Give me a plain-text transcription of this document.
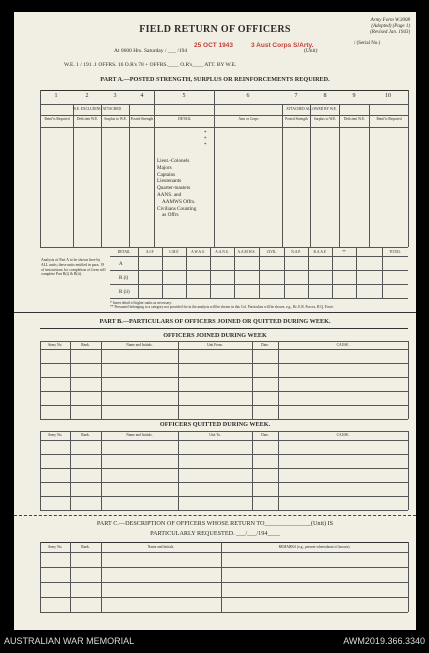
Army Form W.3008
(Adopted) (Page 1)
(Revised Jan. 1943)
FIELD RETURN OF OFFICERS
/ (Serial No.)
At 0600 Hrs. Saturday / ___ /194	(Unit)
25 OCT 1943	3 Aust Corps S/Arty.
W.E. 1 / 191 .1 OFFRS. 16 O.R's 78 + OFFRS.____ O.R's____ ATT. BY W.E.
PART A.—POSTED STRENGTH, SURPLUS OR REINFORCEMENTS REQUIRED.
1	2	3	4	5	6	7	8	9	10
W.E. EXCLUDING ATTACHED	ATTACHED ALLOWED BY W.E.
Reinf'ts Required	Deficient W.E.	Surplus to W.E.	Posted Strength	DETAIL	Arm or Corps	Posted Strength	Surplus to W.E.	Deficient W.E.	Reinf'ts Required
*
*
*
Lieut.-Colonels
Majors
Captains
Lieutenants
Quarter-masters
AANS. and
AAMWS Offrs.
Civilians Counting
as Offrs
Analysis of Part A to be shown here by ALL units; these units entitled in para. 19 of instructions for completion of form will complete Part B(i) & B(ii).
DETAIL	A.I.F.	C.M.F.	A.W.A.S.	A.A.N.S.	A.A.M.W.S.	CIVIL	N.A.P.	R.A.A.F.	**	TOTAL
A
R (i)
R (ii)
* Insert detail of higher ranks as necessary.
** Personnel belonging to a category not provided for in the analysis will be shown in this Col. Particulars will be shown, e.g., Br. E.R. Forces, H.Q. Force.
PART B.—PARTICULARS OF OFFICERS JOINED OR QUITTED DURING WEEK.
OFFICERS JOINED DURING WEEK
Army No.	Rank.	Name and Initials.	Unit From.	Date.	CAUSE.
OFFICERS QUITTED DURING WEEK.
Army No.	Rank.	Name and Initials.	Unit To.	Date.	CAUSE.
PART C.—DESCRIPTION OF OFFICERS WHOSE RETURN TO_______________(Unit) IS
PARTICULARLY REQUESTED. ___/___/194____
Army No.	Rank.	Name and Initials.	REMARKS (e.g., present whereabouts if known).
AUSTRALIAN WAR MEMORIAL	AWM2019.366.3340
